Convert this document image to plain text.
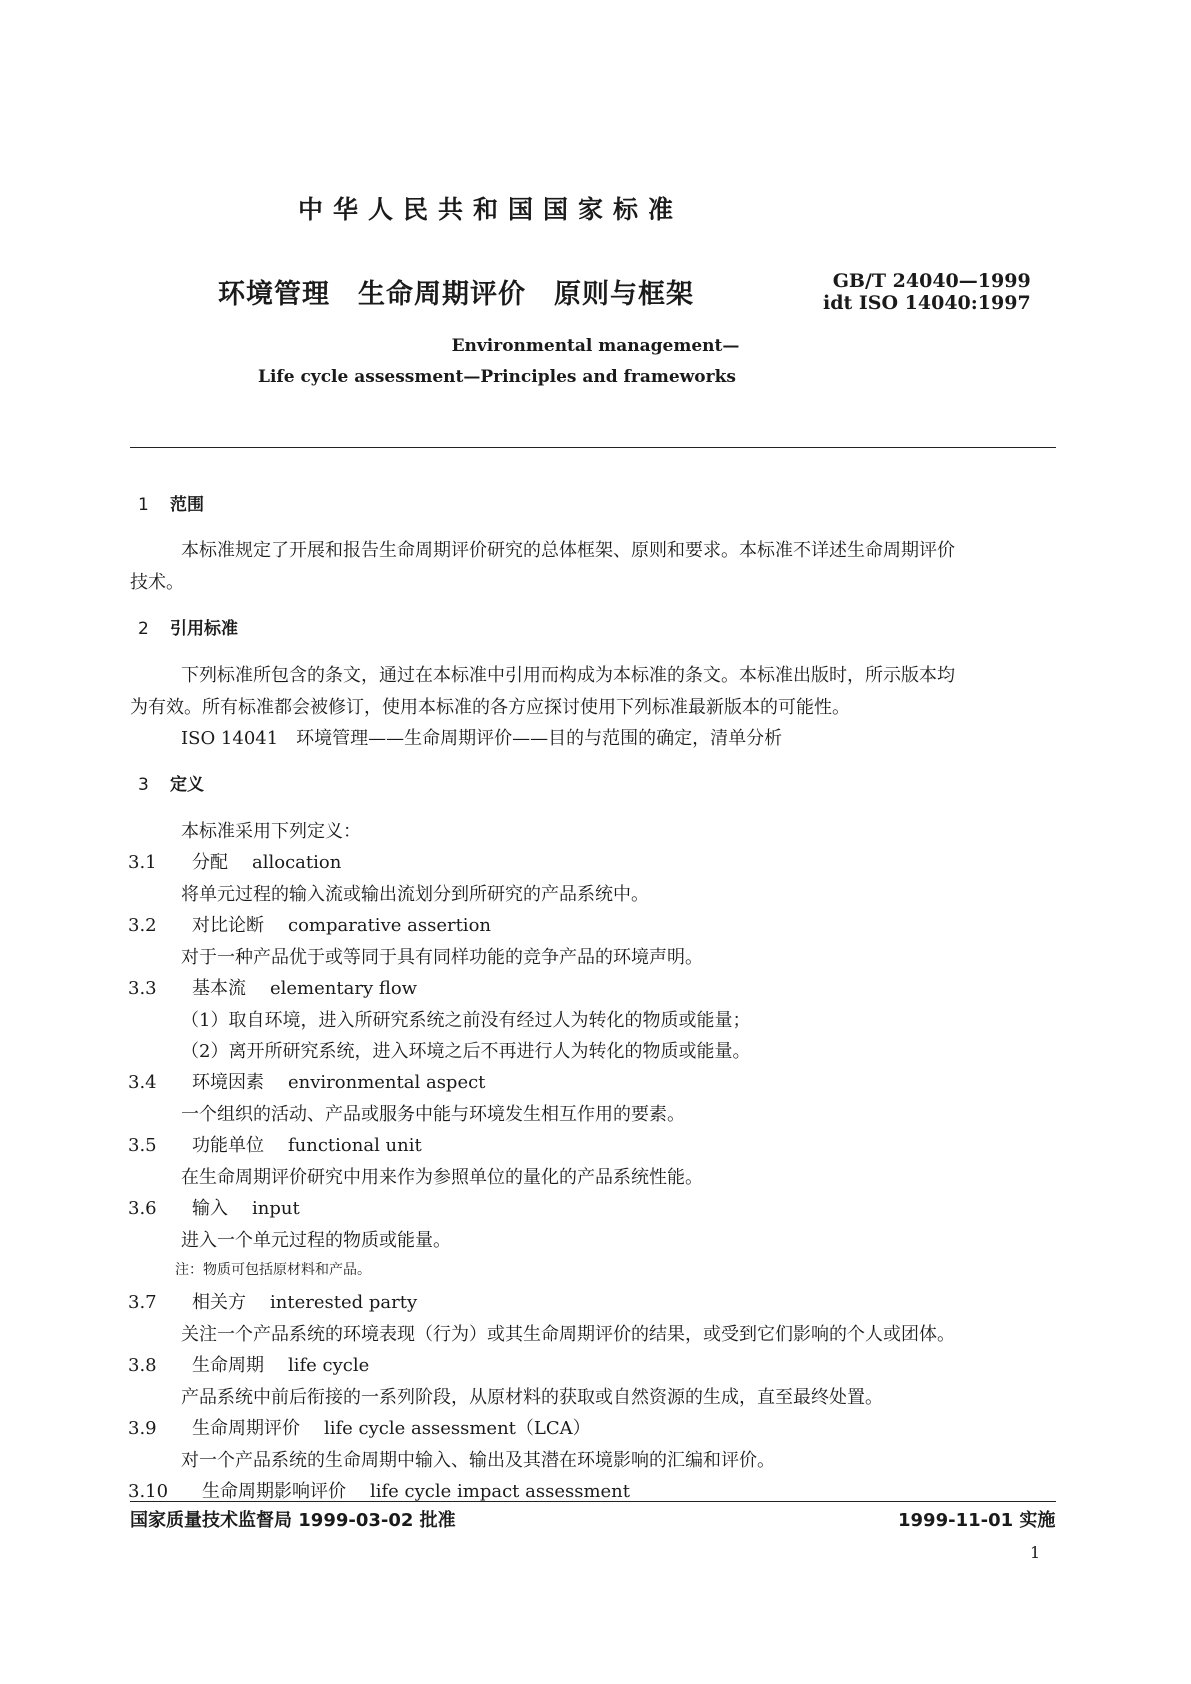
中华人民共和国国家标准
环境管理　生命周期评价　原则与框架	GB/T 24040—1999
idt ISO 14040:1997
Environmental management—
Life cycle assessment—Principles and frameworks
1 范围
本标准规定了开展和报告生命周期评价研究的总体框架、原则和要求。本标准不详述生命周期评价
技术。
2 引用标准
下列标准所包含的条文，通过在本标准中引用而构成为本标准的条文。本标准出版时，所示版本均
为有效。所有标准都会被修订，使用本标准的各方应探讨使用下列标准最新版本的可能性。
ISO 14041　环境管理——生命周期评价——目的与范围的确定，清单分析
3 定义
本标准采用下列定义：
3.1 分配 allocation
将单元过程的输入流或输出流划分到所研究的产品系统中。
3.2 对比论断 comparative assertion
对于一种产品优于或等同于具有同样功能的竞争产品的环境声明。
3.3 基本流 elementary flow
（1）取自环境，进入所研究系统之前没有经过人为转化的物质或能量；
（2）离开所研究系统，进入环境之后不再进行人为转化的物质或能量。
3.4 环境因素 environmental aspect
一个组织的活动、产品或服务中能与环境发生相互作用的要素。
3.5 功能单位 functional unit
在生命周期评价研究中用来作为参照单位的量化的产品系统性能。
3.6 输入 input
进入一个单元过程的物质或能量。
注：物质可包括原材料和产品。
3.7 相关方 interested party
关注一个产品系统的环境表现（行为）或其生命周期评价的结果，或受到它们影响的个人或团体。
3.8 生命周期 life cycle
产品系统中前后衔接的一系列阶段，从原材料的获取或自然资源的生成，直至最终处置。
3.9 生命周期评价 life cycle assessment（LCA）
对一个产品系统的生命周期中输入、输出及其潜在环境影响的汇编和评价。
3.10 生命周期影响评价 life cycle impact assessment
国家质量技术监督局 1999-03-02 批准	1999-11-01 实施
1
